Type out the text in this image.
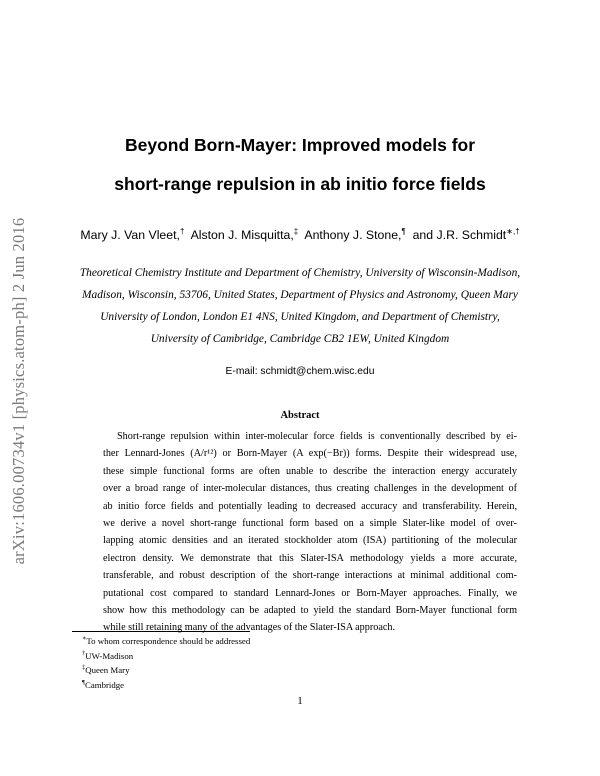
arXiv:1606.00734v1 [physics.atom-ph] 2 Jun 2016
Beyond Born-Mayer: Improved models for
short-range repulsion in ab initio force fields
Mary J. Van Vleet,† Alston J. Misquitta,‡ Anthony J. Stone,¶ and J.R. Schmidt∗,†
Theoretical Chemistry Institute and Department of Chemistry, University of Wisconsin-Madison,
Madison, Wisconsin, 53706, United States, Department of Physics and Astronomy, Queen Mary
University of London, London E1 4NS, United Kingdom, and Department of Chemistry,
University of Cambridge, Cambridge CB2 1EW, United Kingdom
E-mail: schmidt@chem.wisc.edu
Abstract
Short-range repulsion within inter-molecular force fields is conventionally described by ei-
ther Lennard-Jones (A/r¹²) or Born-Mayer (A exp(−Br)) forms. Despite their widespread use,
these simple functional forms are often unable to describe the interaction energy accurately
over a broad range of inter-molecular distances, thus creating challenges in the development of
ab initio force fields and potentially leading to decreased accuracy and transferability. Herein,
we derive a novel short-range functional form based on a simple Slater-like model of over-
lapping atomic densities and an iterated stockholder atom (ISA) partitioning of the molecular
electron density. We demonstrate that this Slater-ISA methodology yields a more accurate,
transferable, and robust description of the short-range interactions at minimal additional com-
putational cost compared to standard Lennard-Jones or Born-Mayer approaches. Finally, we
show how this methodology can be adapted to yield the standard Born-Mayer functional form
while still retaining many of the advantages of the Slater-ISA approach.
∗To whom correspondence should be addressed
†UW-Madison
‡Queen Mary
¶Cambridge
1
